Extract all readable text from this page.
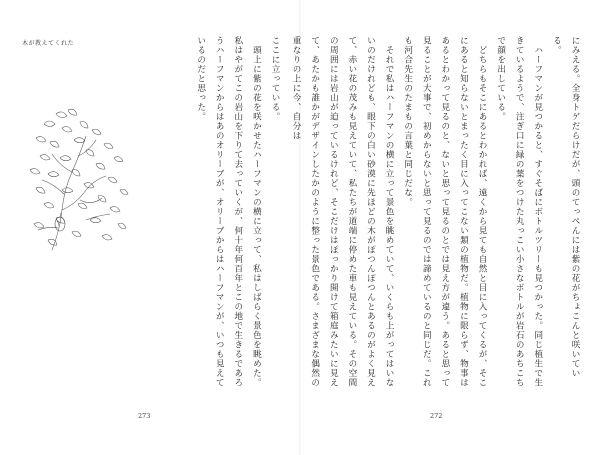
木が教えてくれた	ここに立っている。
　頭上に紫の花を咲かせたハーフマンの横に立って、私はしばらく景色を眺めた。私はやがてこの岩山を下りて去っていくが、何十年何百年とこの地で生きるであろうハーフマンからはあのオリーブが、オリーブからはハーフマンが、いつも見えているのだと思った。
273
にみえる。全身トゲだらけだが、頭のてっぺんには紫の花がちょこんと咲いている。
　ハーフマンが見つかると、すぐそばにボトルツリーも見つかった。同じ植生で生きているようで、注ぎ口に緑の葉をつけた丸っこい小さなボトルが岩石のあちこちで顔を出している。
　どちらもそこにあるとわかれば、遠くから見ても自然と目に入ってくるが、そこにあると知らないとまったく目に入ってこない類の植物だ。植物に限らず、物事はあるとわかって見るのと、ないと思って見るのとでは見え方が違う。あると思って見ることが大事で、初めからないと思って見るのでは諦めているのと同じだ。これも河合先生のたまもの言葉と同じだな。
　それで私はハーフマンの横に立って景色を眺めていて、いくらも上がってはいないのだけれども、眼下の白い砂漠に先ほどの木がぽつんぽつんとあるのがよく見えて、赤い花の茂みも見えていて、私たちが道端に停めた車も見えている。その空間の周囲には岩山が迫っているけれど、そこだけはぽっかり開けて箱庭みたいに見えて、あたかも誰かがデザインしたかのように整った景色である。さまざまな偶然の重なりの上に今、自分は
272
